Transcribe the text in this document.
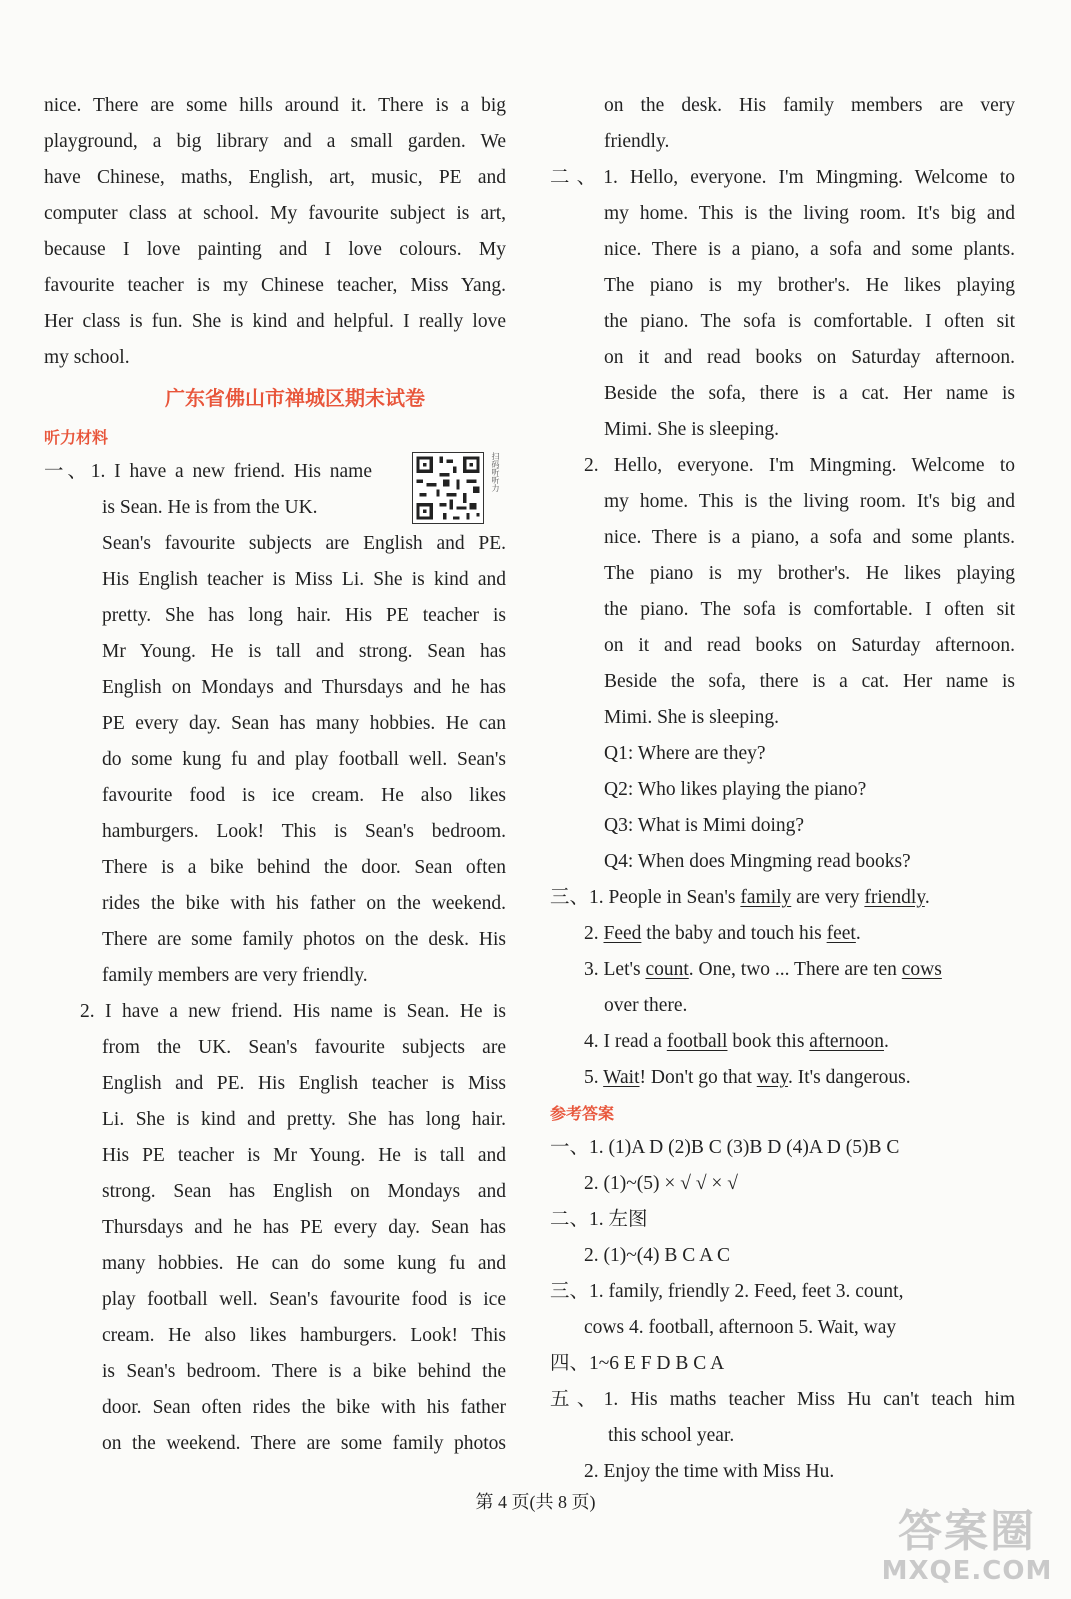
nice. There are some hills around it. There is a big

playground, a big library and a small garden. We

have Chinese, maths, English, art, music, PE and

computer class at school. My favourite subject is art,

because I love painting and I love colours. My

favourite teacher is my Chinese teacher, Miss Yang.

Her class is fun. She is kind and helpful. I really love

my school.

广东省佛山市禅城区期末试卷

听力材料

一、1. I have a new friend. His name

is Sean. He is from the UK.

Sean's favourite subjects are English and PE.

His English teacher is Miss Li. She is kind and

pretty. She has long hair. His PE teacher is

Mr Young. He is tall and strong. Sean has

English on Mondays and Thursdays and he has

PE every day. Sean has many hobbies. He can

do some kung fu and play football well. Sean's

favourite food is ice cream. He also likes

hamburgers. Look! This is Sean's bedroom.

There is a bike behind the door. Sean often

rides the bike with his father on the weekend.

There are some family photos on the desk. His

family members are very friendly.

2. I have a new friend. His name is Sean. He is

from the UK. Sean's favourite subjects are

English and PE. His English teacher is Miss

Li. She is kind and pretty. She has long hair.

His PE teacher is Mr Young. He is tall and

strong. Sean has English on Mondays and

Thursdays and he has PE every day. Sean has

many hobbies. He can do some kung fu and

play football well. Sean's favourite food is ice

cream. He also likes hamburgers. Look! This

is Sean's bedroom. There is a bike behind the

door. Sean often rides the bike with his father

on the weekend. There are some family photos

扫码听听力

on the desk. His family members are very

friendly.

二、1. Hello, everyone. I'm Mingming. Welcome to

my home. This is the living room. It's big and

nice. There is a piano, a sofa and some plants.

The piano is my brother's. He likes playing

the piano. The sofa is comfortable. I often sit

on it and read books on Saturday afternoon.

Beside the sofa, there is a cat. Her name is

Mimi. She is sleeping.

2. Hello, everyone. I'm Mingming. Welcome to

my home. This is the living room. It's big and

nice. There is a piano, a sofa and some plants.

The piano is my brother's. He likes playing

the piano. The sofa is comfortable. I often sit

on it and read books on Saturday afternoon.

Beside the sofa, there is a cat. Her name is

Mimi. She is sleeping.

Q1: Where are they?

Q2: Who likes playing the piano?

Q3: What is Mimi doing?

Q4: When does Mingming read books?

三、1. People in Sean's family are very friendly.

2. Feed the baby and touch his feet.

3. Let's count. One, two ... There are ten cows

over there.

4. I read a football book this afternoon.

5. Wait! Don't go that way. It's dangerous.

参考答案

一、1. (1)A D (2)B C (3)B D (4)A D (5)B C

2. (1)~(5) × √ √ × √

二、1. 左图

2. (1)~(4) B C A C

三、1. family, friendly 2. Feed, feet 3. count,

cows 4. football, afternoon 5. Wait, way

四、1~6 E F D B C A

五、1. His maths teacher Miss Hu can't teach him

this school year.

2. Enjoy the time with Miss Hu.

第 4 页(共 8 页)
答案圈
MXQE.COM
